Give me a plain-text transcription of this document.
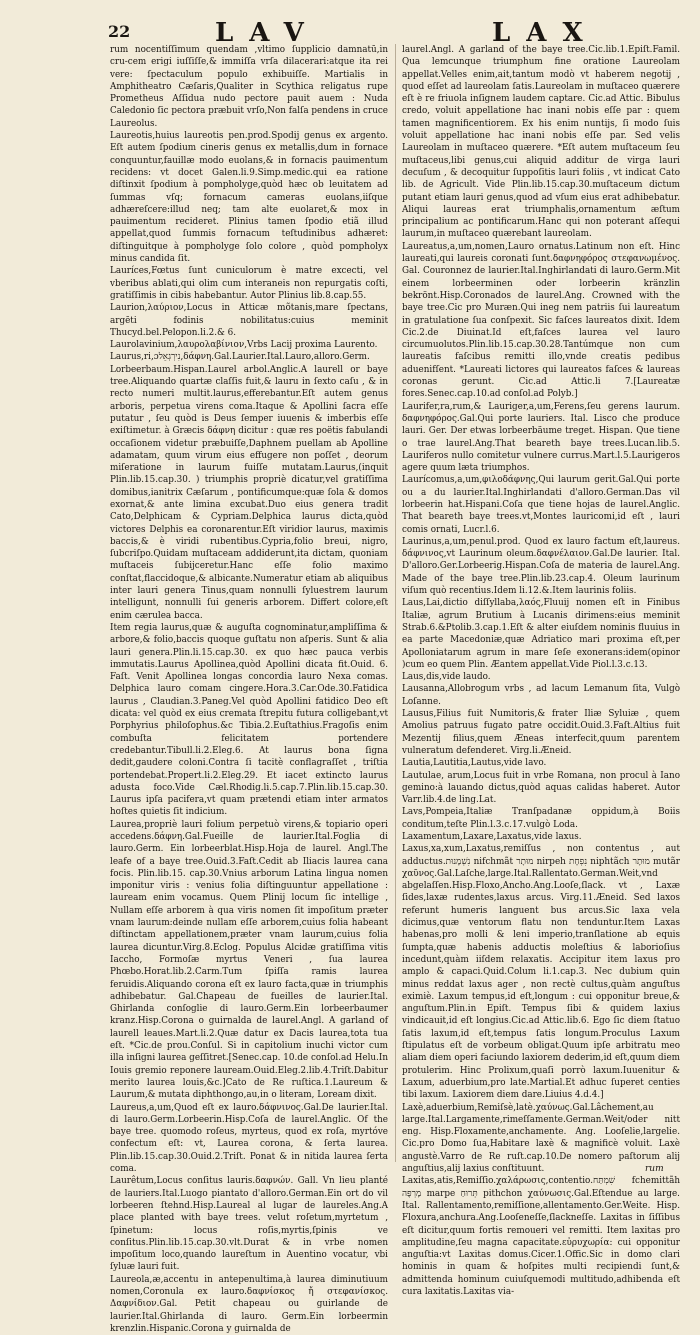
22	LAV	LAX

rum nocentiſſimum quendam ,vltimo ſupplicio damnatū,in cru-cem erigi iuſſiſſe,& immiſſa vrſa dilacerari:atque ita rei vere: ſpectaculum populo exhibuiſſe. Martialis in Amphitheatro Cæſaris,Qualiter in Scythica religatus rupe Prometheus Aſſidua nudo pectore pauit auem : Nuda Caledonio ſic pectora præbuit vrſo,Non falſa pendens in cruce Laureolus.

Laureotis,huius laureotis pen.prod.Spodij genus ex argento. Eſt autem ſpodium cineris genus ex metallis,dum in fornace conquuntur,fauillæ modo euolans,& in fornacis pauimentum recidens: vt docet Galen.li.9.Simp.medic.qui ea ratione diſtinxit ſpodium à pompholyge,quòd hæc ob leuitatem ad ſummas vſq; fornacum cameras euolans,iiſque adhæreſcere:illud neq; tam alte euolaret,& mox in pauimentum recideret. Plinius tamen ſpodio etiã illud appellat,quod ſummis fornacum teſtudinibus adhæret: diſtinguitque à pompholyge ſolo colore , quòd pompholyx minus candida ſit.

Lauríces,Fœtus ſunt cuniculorum è matre excecti, vel vberibus ablati,qui olim cum interaneis non repurgatis coſti, gratiſſimis in cibis habebantur. Autor Plinius lib.8.cap.55.

Laurion,λαύριον,Locus in Atticæ mõtanis,mare ſpectans, argēti fodinis nobilitatus:cuius meminit Thucyd.bel.Pelopon.li.2.& 6.

Laurolavinium,λαυρολαβίνιον,Vrbs Lacij proxima Laurento.

Laurus,ri,ɔנִירְגְאֵל,δάφνη.Gal.Laurier.Ital.Lauro,alloro.Germ. Lorbeerbaum.Hispan.Laurel arbol.Anglic.A laurell or baye tree.Aliquando quartæ claſſis fuit,& lauru in ſexto caſu , & in recto numeri multit.laurus,efferebantur.Eſt autem genus arboris, perpetua virens coma.Itaque & Apollini ſacra eſſe putatur , ſeu quòd is Deus ſemper iuuenis & imberbis eſſe exiſtimetur. à Græcis δάφνη dicitur : quæ res poëtis fabulandi occaſionem videtur præbuiſſe,Daphnem puellam ab Apolline adamatam, quum virum eius effugere non poſſet , deorum miſeratione in laurum fuiſſe mutatam.Laurus,(inquit Plin.lib.15.cap.30. ) triumphis propriè dicatur,vel gratiſſima domibus,ianitrix Cæſarum , pontificumque:quæ ſola & domos exornat,& ante limina excubat.Duo eius genera tradit Cato,Delphicam & Cypriam.Delphica laurus dicta,quòd victores Delphis ea coronarentur.Eſt viridior laurus, maximis baccis,& è viridi rubentibus.Cypria,folio breui, nigro, ſubcriſpo.Quidam muſtaceam addiderunt,ita dictam, quoniam muſtaceis ſubijceretur.Hanc eſſe folio maximo conſtat,flaccidoque,& albicante.Numeratur etiam ab aliquibus inter lauri genera Tinus,quam nonnulli ſyluestrem laurum intelligunt, nonnulli ſui generis arborem. Differt colore,eſt enim cærulea bacca.

Item regia laurus,quæ & auguſta cognominatur,ampliſſima & arbore,& folio,baccis quoque guſtatu non aſperis. Sunt & alia lauri genera.Plin.li.15.cap.30. ex quo hæc pauca verbis immutatis.Laurus Apollinea,quòd Apollini dicata fit.Ouid. 6. Faſt. Venit Apollinea longas concordia lauro Nexa comas. Delphica lauro comam cingere.Hora.3.Car.Ode.30.Fatidica laurus , Claudian.3.Paneg.Vel quòd Apollini fatidico Deo eſt dicata: vel quòd ex eius cremata ſtrepitu futura colligebant,vt Porphyrius philoſophus.&c Tibia.2.Euſtathius.Fragoſis enim combuſta felicitatem portendere credebantur.Tibull.li.2.Eleg.6. At laurus bona ſigna dedit,gaudere coloni.Contra ſi tacitè conflagraſſet , triſtia portendebat.Propert.li.2.Eleg.29. Et iacet extinctо laurus adusta foco.Vide Cæl.Rhodig.li.5.cap.7.Plin.lib.15.cap.30. Laurus ipſa pacifera,vt quam prætendi etiam inter armatos hoſtes quietis ſit indicium.

Laurea,propriè lauri folium perpetuò virens,& topiario operi accedens.δάφνη.Gal.Fueille de laurier.Ital.Foglia di lauro.Germ. Ein lorbeerblat.Hisp.Hoja de laurel. Angl.The leafe of a baye tree.Ouid.3.Faſt.Cedit ab Iliacis laurea cana focis. Plin.lib.15. cap.30.Vnius arborum Latina lingua nomen imponitur viris : venius folia diſtinguuntur appellatione : lauream enim vocamus. Quem Plinij locum ſic intellige , Nullam eſſe arborem à qua viris nomen ſit impoſitum præter vnam laurum:deinde nullam eſſe arborem,cuius folia habeant diſtinctam appellationem,præter vnam laurum,cuius folia laurea dicuntur.Virg.8.Eclog. Populus Alcidæ gratiſſima vitis Iaccho, Formoſæ myrtus Veneri , ſua laurea Phœbo.Horat.lib.2.Carm.Tum ſpiſſa ramis laurea feruidis.Aliquando corona eſt ex lauro facta,quæ in triumphis adhibebatur. Gal.Chapeau de fueilles de laurier.Ital. Ghirlanda conſoglie di lauro.Germ.Ein lorbeerbaumer kranz.Hisp.Corona o guirnalda de laurel.Angl. A garland of laurell leaues.Mart.li.2.Quæ datur ex Dacis laurea,tota tua eſt. *Cic.de prou.Conſul. Si in capitolium inuchi victor cum illa inſigni laurea geſſitret.[Senec.cap. 10.de conſol.ad Helu.In Iouis gremio reponere lauream.Ouid.Eleg.2.lib.4.Triſt.Dabitur merito laurea louis,&c.]Cato de Re ruſtica.1.Laureum & Laurum,& mutata diphthongo,au,in o literam, Loream dixit.

Laureus,a,um,Quod eſt ex lauro.δάφνινος.Gal.De laurier.Ital. di lauro.Germ.Lorbeerin.Hisp.Coſa de laurel.Anglic. Of the baye tree. quomodo roſeus, myrteus, quod ex roſa, myrtóve confectum eſt: vt, Laurea corona, & ſerta laurea. Plin.lib.15.cap.30.Ouid.2.Triſt. Ponat & in nitida laurea ſerta coma.

Laurêtum,Locus conſitus lauris.δαφνών. Gall. Vn lieu planté de lauriers.Ital.Luogo piantato d'alloro.German.Ein ort do vil lorbeeren ſtehnd.Hisp.Laureal al lugar de laureles.Ang.A place planted with baye trees. velut roſetum,myrtetum , ſpinetum: locus roſis,myrtis,ſpinis ve conſitus.Plin.lib.15.cap.30.vlt.Durat & in vrbe nomen impoſitum loco,quando laureſtum in Auentino vocatur, vbi ſyluæ lauri fuit.

Laureola,æ,accentu in antepenultima,à laurea diminutiuum nomen,Coronula ex lauro.δαφνίσκος ἤ στεφανίσκος. Δαφνίδιον.Gal. Petit chapeau ou guirlande de laurier.Ital.Ghirlanda di lauro. Germ.Ein lorbeermin krenzlin.Hispanic.Coronа y guirnalda de

laurel.Angl. A garland of the baye tree.Cic.lib.1.Epiſt.Famil. Qua lemcunque triumphum fine oratione Laureolam appellat.Velles enim,ait,tantum modò vt haberem negotij , quod eſſet ad laureolam ſatis.Laureolam in muſtaceo quærere eſt è re friuola inſignem laudem captare. Cic.ad Attic. Bibulus credo, voluit appellatione hac inani nobis eſſe par : quem tamen magnificentiorem. Ex his enim nuntijs, ſi modo ſuis voluit appellatione hac inani nobis eſſe par. Sed velis Laureolam in muſtaceo quærere. *Eſt autem muſtaceum ſeu muſtaceus,libi genus,cui aliquid additur de virga lauri decuſum , & decoquitur ſuppoſitis lauri foliis , vt indicat Cato lib. de Agricult. Vide Plin.lib.15.cap.30.muſtaceum dictum putant etiam lauri genus,quod ad vſum eius erat adhibebatur. Aliqui laureas erat triumphalis,ornamentum æſtum principalium ac pontificarum.Hanc qui non poterant aſſequi laurum,in muſtaceo quærebant laureolam.

Laureatus,a,um,nomen,Lauro ornatus.Latinum non eſt. Hinc laureati,qui laureis coronati ſunt.δαφνηφόρος στεφανωμένος. Gal. Couronnez de laurier.Ital.Inghirlandati di lauro.Germ.Mit einem lorbeerminen oder lorbeerin kränzlin bekrönt.Hisp.Coronados de laurel.Ang. Crowned with the baye tree.Cic pro Muræn.Qui ineg nem patriis ſui laureatum in gratulatione ſua conſpexit. Sic faſces laureatos dixit. Idem Cic.2.de Diuinat.Id eſt,faſces laurea vel lauro circumuolutos.Plin.lib.15.cap.30.28.Tantúmque non cum laureatis faſcibus remitti illo,vnde creatis pedibus aduenifſent. *Laureati lictores qui laureatos faſces & laureas coronas gerunt. Cic.ad Attic.li 7.[Laureatæ fores.Senec.cap.10.ad conſol.ad Polyb.]

Laurifer,ra,rum,& Lauriger,a,um,Ferens,ſeu gerens laurum. δαφνηφόρος.Gal.Qui porte lauriers. Ital. Lisco che produce lauri. Ger. Der etwas lorbeerbäume treget. Hispan. Que tiene o trae laurel.Ang.That beareth baye trees.Lucan.lib.5. Lauriferos nullo comitetur vulnere currus.Mart.l.5.Laurigeros agere quum læta triumphos.

Laurícomus,a,um,φιλοδάφνης,Qui laurum gerit.Gal.Qui porte ou a du laurier.Ital.Inghirlandati d'alloro.German.Das vil lorbeerin hat.Hispani.Coſa que tiene hojas de laurel.Anglic. That beareth baye trees.vt,Montes lauricomi,id eſt , lauri comis ornati, Lucr.l.6.

Laurinus,a,um,penul.prod. Quod ex lauro factum eſt,laureus. δάφνινος,vt Laurinum oleum.δαφνέλαιον.Gal.De laurier. Ital. D'alloro.Ger.Lorbeerig.Hispan.Coſa de materia de laurel.Ang. Made of the baye tree.Plin.lib.23.cap.4. Oleum laurinum viſum quò recentius.Idem li.12.&.Item laurinis foliis.

Laus,Lai,dictio diſſyllaba,λαός,Fluuij nomen eſt in Finibus Italiæ, agrum Brutium à Lucanis dirimens:eius meminit Strab.6.&Ptolib.3.cap.1.Eſt & alter eiuſdem nominis fluuius in ea parte Macedoniæ,quæ Adriatico mari proxima eſt,per Apolloniatarum agrum in mare ſeſe exonerans:idem(opinor )cum eo quem Plin. Æantem appellat.Vide Piol.l.3.c.13.

Laus,dis,vide laudo.

Lausanna,Allobrogum vrbs , ad lacum Lemanum ſita, Vulgò Loſanne.

Lausus,Filius fuit Numitoris,& frater Iliæ Syluiæ , quem Amolius patruus fugato patre occidit.Ouid.3.Faſt.Altius fuit Mezentij filius,quem Æneas interfecit,quum parentem vulneratum defenderet. Virg.li.Æneid.

Lautia,Lautitia,Lautus,vide lavo.

Lautulae, arum,Locus fuit in vrbe Romana, non procul à Iano gemino:à lauando dictus,quòd aquas calidas haberet. Autor Varr.lib.4.de ling.Lat.

Lavs,Pompeia,Italiæ Tranſpadanæ oppidum,à Boiis conditum,teſte Plin.l.3.c.17.vulgò Loda.

Laxamentum,Laxare,Laxatus,vide laxus.

Laxus,xa,xum,Laxatus,remiſſus , non contentus , aut adductus.נִשְׁמָנוּת nifchmãt מוּתָר nirpeh נִפְחָת niphtãch מוּתָר mutãr χαῦνος.Gal.Laſche,large.Ital.Rallentato.German.Weit,vnd abgelaſſen.Hisp.Floxo,Ancho.Ang.Looſe,ſlack. vt , Laxæ ſides,laxæ rudentes,laxus arcus. Virg.11.Æneid. Sed laxos referunt humeris languent bus arcus.Sic laxa vela dicimus,quæ ventorum flatu non tenduntur.Item Laxas habenas,pro molli & leni imperio,tranſlatione ab equis ſumpta,quæ habenis adductis moleſtius & laborioſius incedunt,quàm iiſdem relaxatis. Accipitur item laxus pro amplo & capaci.Quid.Colum li.1.cap.3. Nec dubium quin minus reddat laxus ager , non rectè cultus,quàm anguſtus eximiè. Laxum tempus,id eſt,longum : cui opponitur breue,& anguſtum.Plin.in Epiſt. Tempus ſibi & quidem laxius vindicauit,id eſt longius.Cic.ad Attic.lib.6. Ego ſic diem ſtatuo ſatis laxum,id eſt,tempus ſatis longum.Proculus Laxum ſtipulatus eſt de vorbeum obligat.Quum ipſe arbitratu meo aliam diem operi faciundo laxiorem dederim,id eſt,quum diem protulerim. Hinc Prolixum,quaſi porrò laxum.Iuuenitur & Laxum, aduerbium,pro late.Martial.Et adhuc ſuperet centies tibi laxum. Laxiorem diem dare.Liuius 4.d.4.]

Laxè,aduerbium,Remiſsè,latè.χαύνως.Gal.Lâchement,au large.Ital.Largamente,rimeſſamente.German.Weit/oder nitt eng. Hisp.Floxamente,anchamente. Ang. Looſelie,largelie. Cic.pro Domo ſua,Habitare laxè & magnificè voluit. Laxè angustè.Varro de Re ruſt.cap.10.De nomero paſtorum alij anguſtius,alij laxius conſtituunt.

Laxitas,atis,Remiſſio.χαλάρωσις,contentio.שִׁמְתַּח fchemittãh מָרְפֶּה marpe תְּרוּחַ pithchon χαύνωσις.Gal.Eſtendue au large. Ital. Rallentamento,remiſſione,allentamento.Ger.Weite. Hisp. Floxura,anchura.Ang.Looſeneſſe,ſlackneſſe. Laxitas in ſiſſibus eſt dicitur,quum fortis remoueri vel remitti. Item laxitas pro amplitudine,ſeu magna capacitate.εὐρυχωρία: cui opponitur anguſtia:vt Laxitas domus.Cicer.1.Offic.Sic in domo clari hominis in quam & hoſpites multi recipiendi ſunt,& admittenda hominum cuiuſquemodi multitudo,adhibenda eſt cura laxitatis.Laxitas via-

rum
